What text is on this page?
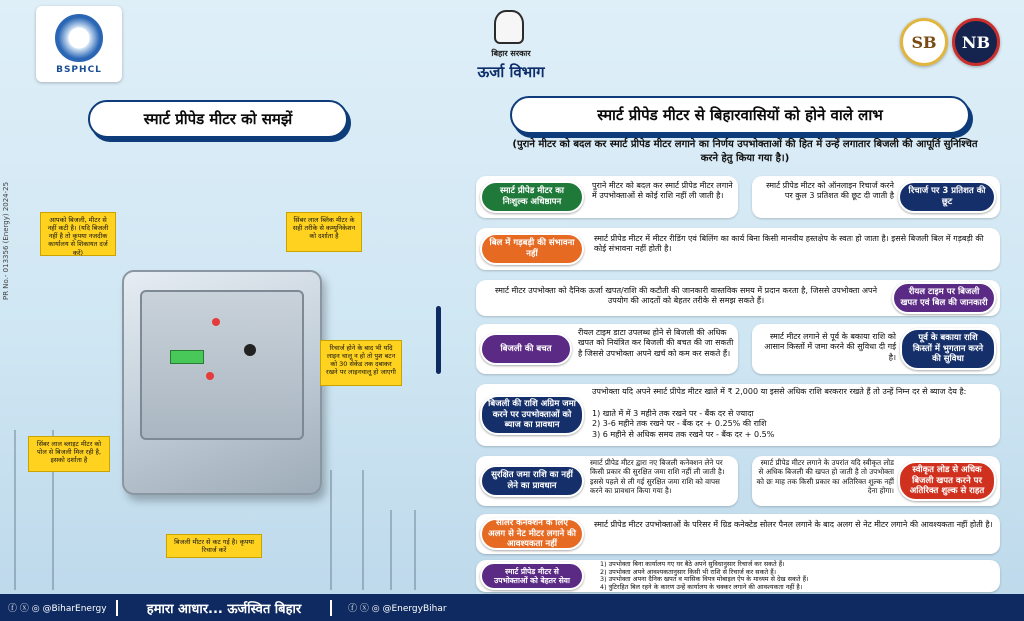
BSPHCL
बिहार सरकार
ऊर्जा विभाग
SB	NB
स्मार्ट प्रीपेड मीटर को समझें
PR No.- 013356 (Energy) 2024-25	आपको बिजली, मीटर से नहीं कटी है। (यदि बिजली नहीं है तो कृपया नजदीक कार्यालय से शिकायत दर्ज करें)
सिंबर लाल ब्लिंक मीटर के सही तरीके से कम्युनिकेशन को दर्शाता है
रिचार्ज होने के बाद भी यदि लाइन चालू न हो तो पुश बटन को 30 सेकेंड तक दबाकर रखने पर लाइनचालू हो जाएगी
सिंबर लाल ब्लाइट मीटर को पोल से बिजली मिल रही है, इसको दर्शाता है
बिजली मीटर से कट गई है। कृपया रिचार्ज करें
स्मार्ट प्रीपेड मीटर से बिहारवासियों को होने वाले लाभ
(पुराने मीटर को बदल कर स्मार्ट प्रीपेड मीटर लगाने का निर्णय उपभोक्ताओं की हित में उन्हें लगातार बिजली की आपूर्ति सुनिश्चित करने हेतु किया गया है।)
स्मार्ट प्रीपेड मीटर का निःशुल्क अधिष्ठापन
पुराने मीटर को बदल कर स्मार्ट प्रीपेड मीटर लगाने में उपभोक्ताओं से कोई राशि नहीं ली जाती है।
स्मार्ट प्रीपेड मीटर को ऑनलाइन रिचार्ज करने पर कुल 3 प्रतिशत की छूट दी जाती है	रिचार्ज पर 3 प्रतिशत की छूट
बिल में गड़बड़ी की संभावना नहीं
स्मार्ट प्रीपेड मीटर में मीटर रीडिंग एवं बिलिंग का कार्य बिना किसी मानवीय हस्तक्षेप के स्वतः हो जाता है। इससे बिजली बिल में गड़बड़ी की कोई संभावना नहीं होती है।
स्मार्ट मीटर उपभोक्ता को दैनिक ऊर्जा खपत/राशि की कटौती की जानकारी वास्तविक समय में प्रदान करता है, जिससे उपभोक्ता अपने उपयोग की आदतों को बेहतर तरीके से समझ सकते हैं।
रीयल टाइम पर बिजली खपत एवं बिल की जानकारी
बिजली की बचत
रीयल टाइम डाटा उपलब्ध होने से बिजली की अधिक खपत को नियंत्रित कर बिजली की बचत की जा सकती है जिससे उपभोक्ता अपने खर्च को कम कर सकते हैं।
स्मार्ट मीटर लगाने से पूर्व के बकाया राशि को आसान किस्तों में जमा करने की सुविधा दी गई है।
पूर्व के बकाया राशि किस्तों में भुगतान करने की सुविधा
बिजली की राशि अग्रिम जमा करने पर उपभोक्ताओं को ब्याज का प्रावधान
उपभोक्ता यदि अपने स्मार्ट प्रीपेड मीटर खाते में ₹ 2,000 या इससे अधिक राशि बरकरार रखते हैं तो उन्हें निम्न दर से ब्याज देय है:
1) खाते में में 3 महीने तक रखने पर - बैंक दर से ज्यादा
2) 3-6 महीने तक रखने पर - बैंक दर + 0.25% की राशि
3) 6 महीने से अधिक समय तक रखने पर - बैंक दर + 0.5%
सुरक्षित जमा राशि का नहीं लेने का प्रावधान
स्मार्ट प्रीपेड मीटर द्वारा नए बिजली कनेक्शन लेने पर किसी प्रकार की सुरक्षित जमा राशि नहीं ली जाती है। इससे पहले से ली गई सुरक्षित जमा राशि को वापस करने का प्रावधान किया गया है।
स्मार्ट प्रीपेड मीटर लगाने के उपरांत यदि स्वीकृत लोड से अधिक बिजली की खपत हो जाती है तो उपभोक्ता को छः माह तक किसी प्रकार का अतिरिक्त शुल्क नहीं देना होगा।
स्वीकृत लोड से अधिक बिजली खपत करने पर अतिरिक्त शुल्क से राहत
सोलर कनेक्शन के लिए अलग से नेट मीटर लगाने की आवश्यकता नहीं
स्मार्ट प्रीपेड मीटर उपभोक्ताओं के परिसर में ग्रिड कनेक्टेड सोलर पैनल लगाने के बाद अलग से नेट मीटर लगाने की आवश्यकता नहीं होती है।
स्मार्ट प्रीपेड मीटर से उपभोक्ताओं को बेहतर सेवा
1) उपभोक्ता बिना कार्यालय गए घर बैठे अपने सुविधानुसार रिचार्ज कर सकते हैं।
2) उपभोक्ता अपने आवश्यकतानुसार किसी भी राशि से रिचार्ज कर सकते हैं।
3) उपभोक्ता अपना दैनिक खपत व मासिक विपत्र मोबाइल ऐप के माध्यम से देख सकते हैं।
4) त्रुटिरहित बिल रहने के कारण उन्हें कार्यालय के चक्कर लगाने की आवश्यकता नहीं है।
ⓕ ⓧ ◎ @BiharEnergy	हमारा आधार... ऊर्जस्वित बिहार	ⓕ ⓧ ◎ @EnergyBihar
